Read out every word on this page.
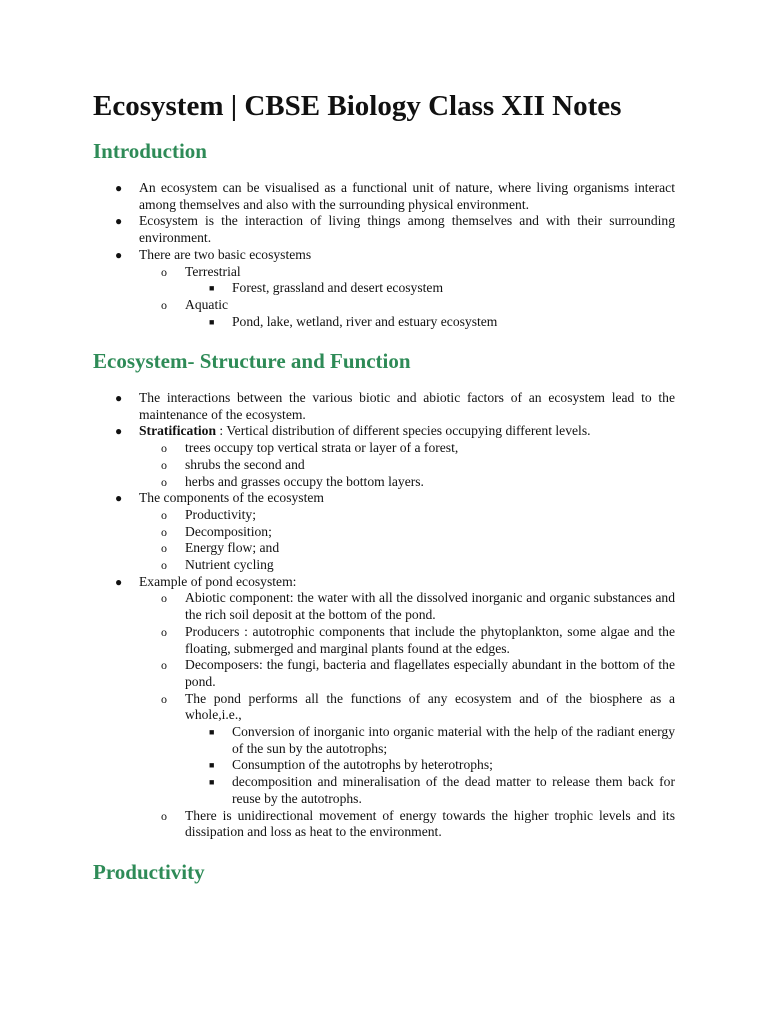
Ecosystem | CBSE Biology Class XII Notes
Introduction
● An ecosystem can be visualised as a functional unit of nature, where living organisms interact among themselves and also with the surrounding physical environment.
● Ecosystem is the interaction of living things among themselves and with their surrounding environment.
● There are two basic ecosystems
o Terrestrial
■ Forest, grassland and desert ecosystem
o Aquatic
■ Pond, lake, wetland, river and estuary ecosystem
Ecosystem- Structure and Function
● The interactions between the various biotic and abiotic factors of an ecosystem lead to the maintenance of the ecosystem.
● Stratification : Vertical distribution of different species occupying different levels.
o trees occupy top vertical strata or layer of a forest,
o shrubs the second and
o herbs and grasses occupy the bottom layers.
● The components of the ecosystem
o Productivity;
o Decomposition;
o Energy flow; and
o Nutrient cycling
● Example of pond ecosystem:
o Abiotic component: the water with all the dissolved inorganic and organic substances and the rich soil deposit at the bottom of the pond.
o Producers : autotrophic components that include the phytoplankton, some algae and the floating, submerged and marginal plants found at the edges.
o Decomposers: the fungi, bacteria and flagellates especially abundant in the bottom of the pond.
o The pond performs all the functions of any ecosystem and of the biosphere as a whole,i.e.,
■ Conversion of inorganic into organic material with the help of the radiant energy of the sun by the autotrophs;
■ Consumption of the autotrophs by heterotrophs;
■ decomposition and mineralisation of the dead matter to release them back for reuse by the autotrophs.
o There is unidirectional movement of energy towards the higher trophic levels and its dissipation and loss as heat to the environment.
Productivity
